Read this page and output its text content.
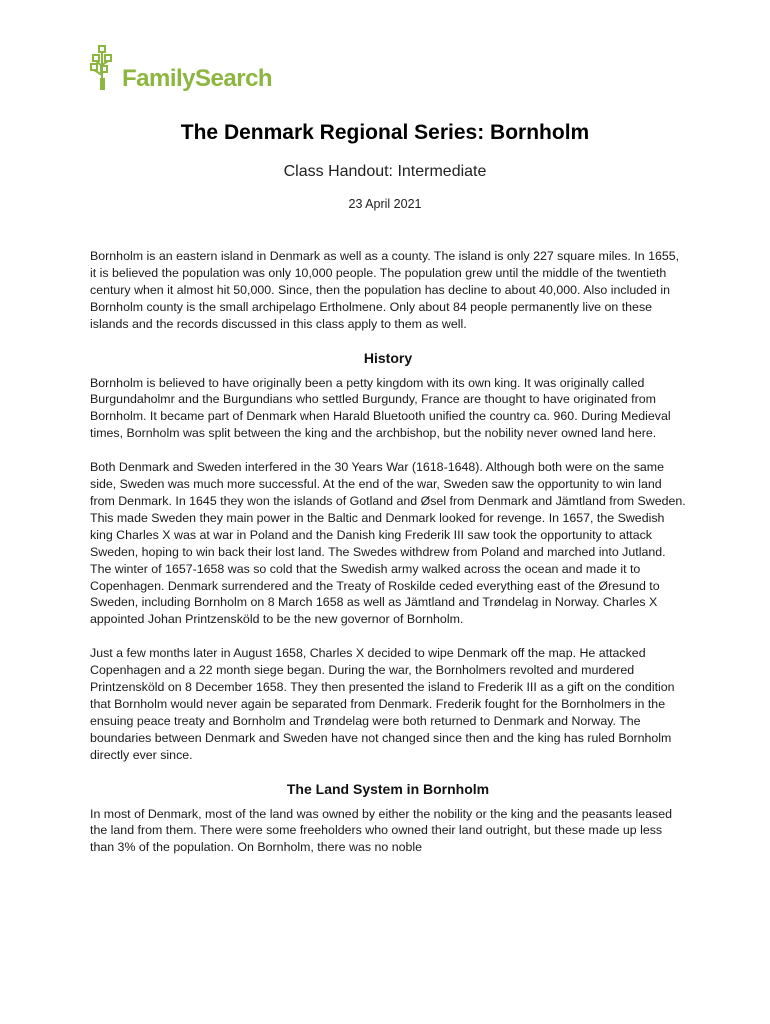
FamilySearch
The Denmark Regional Series: Bornholm

Class Handout: Intermediate

23 April 2021

Bornholm is an eastern island in Denmark as well as a county. The island is only 227 square miles. In 1655, it is believed the population was only 10,000 people. The population grew until the middle of the twentieth century when it almost hit 50,000. Since, then the population has decline to about 40,000. Also included in Bornholm county is the small archipelago Ertholmene. Only about 84 people permanently live on these islands and the records discussed in this class apply to them as well.

History

Bornholm is believed to have originally been a petty kingdom with its own king. It was originally called Burgundaholmr and the Burgundians who settled Burgundy, France are thought to have originated from Bornholm. It became part of Denmark when Harald Bluetooth unified the country ca. 960. During Medieval times, Bornholm was split between the king and the archbishop, but the nobility never owned land here.

Both Denmark and Sweden interfered in the 30 Years War (1618-1648). Although both were on the same side, Sweden was much more successful. At the end of the war, Sweden saw the opportunity to win land from Denmark. In 1645 they won the islands of Gotland and Øsel from Denmark and Jämtland from Sweden. This made Sweden they main power in the Baltic and Denmark looked for revenge. In 1657, the Swedish king Charles X was at war in Poland and the Danish king Frederik III saw took the opportunity to attack Sweden, hoping to win back their lost land. The Swedes withdrew from Poland and marched into Jutland. The winter of 1657-1658 was so cold that the Swedish army walked across the ocean and made it to Copenhagen. Denmark surrendered and the Treaty of Roskilde ceded everything east of the Øresund to Sweden, including Bornholm on 8 March 1658 as well as Jämtland and Trøndelag in Norway. Charles X appointed Johan Printzensköld to be the new governor of Bornholm.

Just a few months later in August 1658, Charles X decided to wipe Denmark off the map. He attacked Copenhagen and a 22 month siege began. During the war, the Bornholmers revolted and murdered Printzensköld on 8 December 1658. They then presented the island to Frederik III as a gift on the condition that Bornholm would never again be separated from Denmark. Frederik fought for the Bornholmers in the ensuing peace treaty and Bornholm and Trøndelag were both returned to Denmark and Norway. The boundaries between Denmark and Sweden have not changed since then and the king has ruled Bornholm directly ever since.

The Land System in Bornholm

In most of Denmark, most of the land was owned by either the nobility or the king and the peasants leased the land from them. There were some freeholders who owned their land outright, but these made up less than 3% of the population. On Bornholm, there was no noble
